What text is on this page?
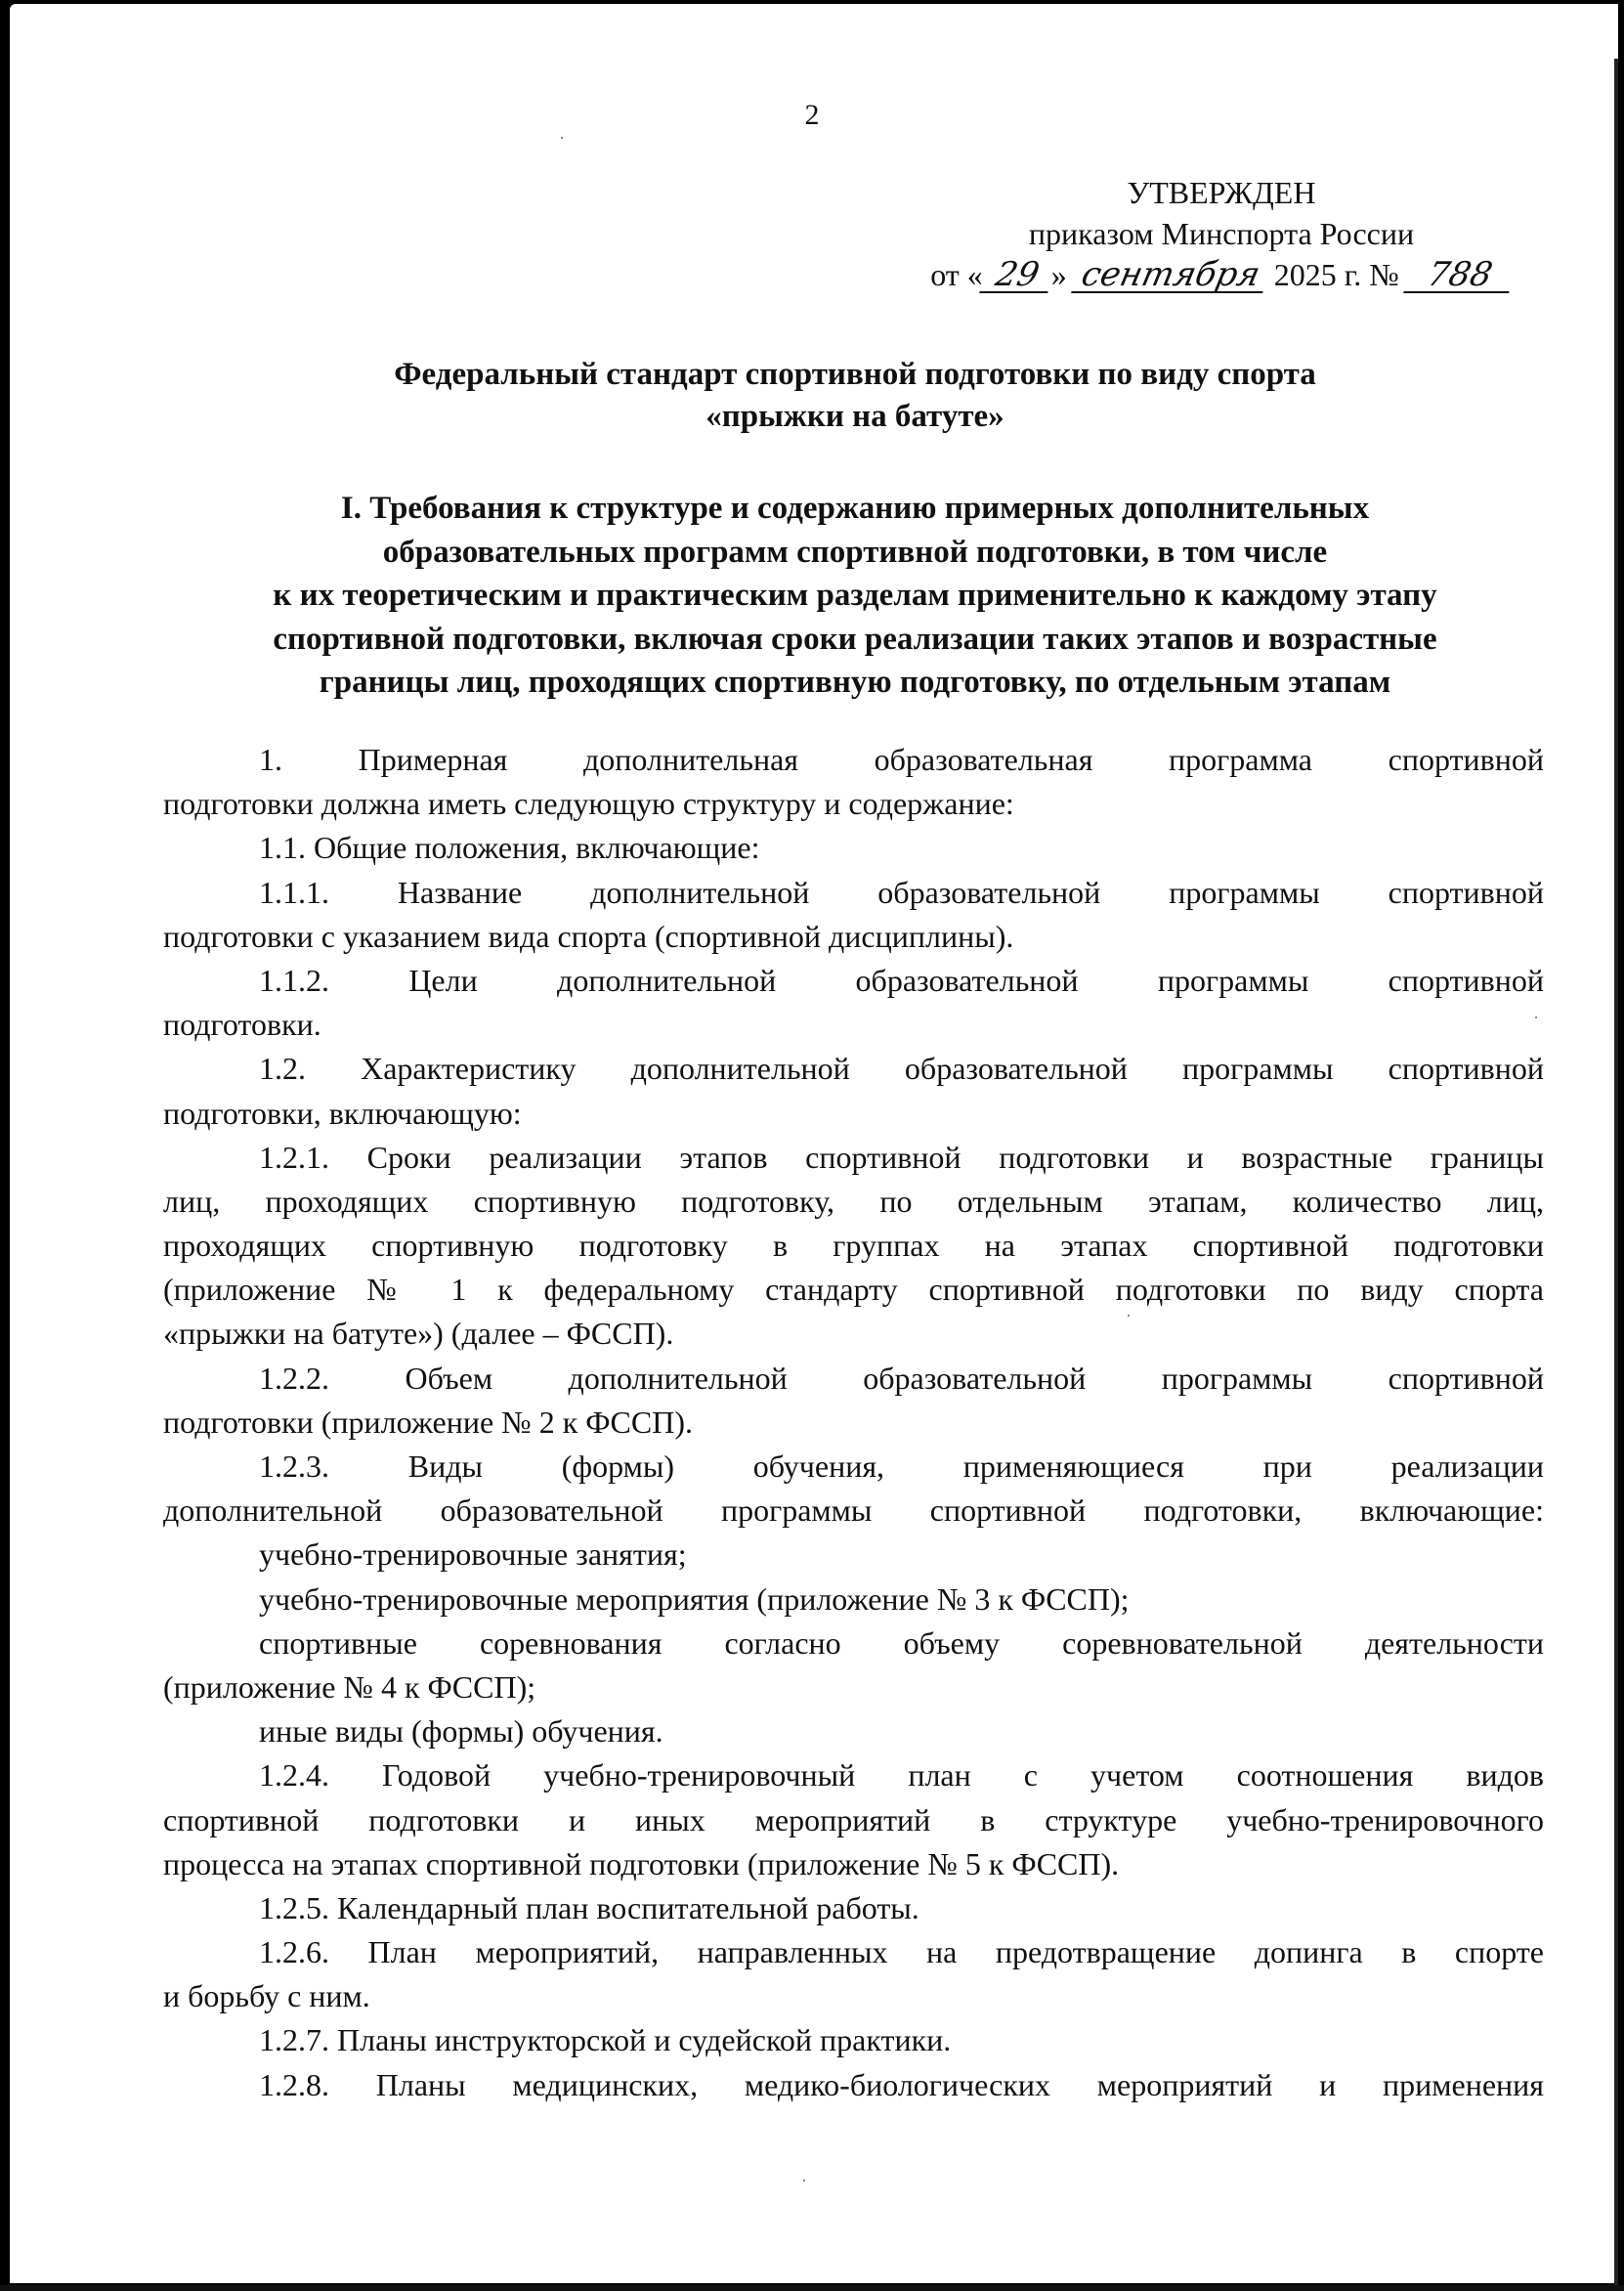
2
УТВЕРЖДЕН
приказом Минспорта России
от « 29 » сентября 2025 г. № 788
Федеральный стандарт спортивной подготовки по виду спорта
«прыжки на батуте»
I. Требования к структуре и содержанию примерных дополнительных
образовательных программ спортивной подготовки, в том числе
к их теоретическим и практическим разделам применительно к каждому этапу
спортивной подготовки, включая сроки реализации таких этапов и возрастные
границы лиц, проходящих спортивную подготовку, по отдельным этапам
1. Примерная дополнительная образовательная программа спортивной
подготовки должна иметь следующую структуру и содержание:
1.1. Общие положения, включающие:
1.1.1. Название дополнительной образовательной программы спортивной
подготовки с указанием вида спорта (спортивной дисциплины).
1.1.2. Цели дополнительной образовательной программы спортивной
подготовки.
1.2. Характеристику дополнительной образовательной программы спортивной
подготовки, включающую:
1.2.1. Сроки реализации этапов спортивной подготовки и возрастные границы
лиц, проходящих спортивную подготовку, по отдельным этапам, количество лиц,
проходящих спортивную подготовку в группах на этапах спортивной подготовки
(приложение № 1 к федеральному стандарту спортивной подготовки по виду спорта
«прыжки на батуте») (далее – ФССП).
1.2.2. Объем дополнительной образовательной программы спортивной
подготовки (приложение № 2 к ФССП).
1.2.3. Виды (формы) обучения, применяющиеся при реализации
дополнительной образовательной программы спортивной подготовки, включающие:
учебно-тренировочные занятия;
учебно-тренировочные мероприятия (приложение № 3 к ФССП);
спортивные соревнования согласно объему соревновательной деятельности
(приложение № 4 к ФССП);
иные виды (формы) обучения.
1.2.4. Годовой учебно-тренировочный план с учетом соотношения видов
спортивной подготовки и иных мероприятий в структуре учебно-тренировочного
процесса на этапах спортивной подготовки (приложение № 5 к ФССП).
1.2.5. Календарный план воспитательной работы.
1.2.6. План мероприятий, направленных на предотвращение допинга в спорте
и борьбу с ним.
1.2.7. Планы инструкторской и судейской практики.
1.2.8. Планы медицинских, медико-биологических мероприятий и применения
